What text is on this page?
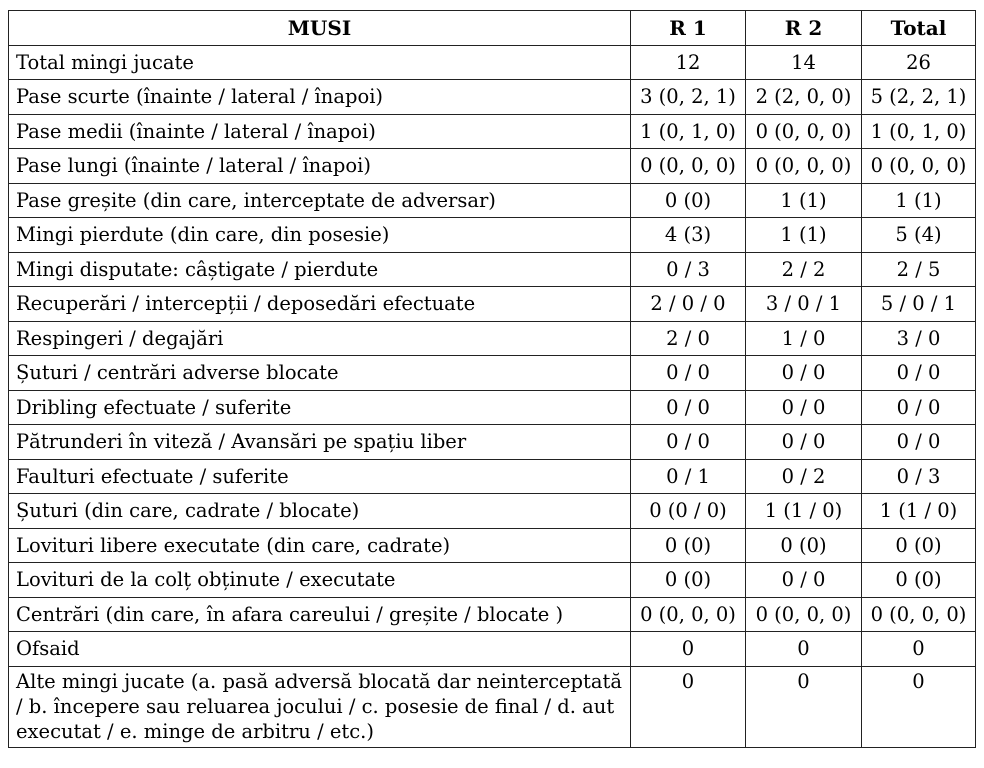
MUSI	R 1	R 2	Total
Total mingi jucate	12	14	26
Pase scurte (înainte / lateral / înapoi)	3 (0, 2, 1)	2 (2, 0, 0)	5 (2, 2, 1)
Pase medii (înainte / lateral / înapoi)	1 (0, 1, 0)	0 (0, 0, 0)	1 (0, 1, 0)
Pase lungi (înainte / lateral / înapoi)	0 (0, 0, 0)	0 (0, 0, 0)	0 (0, 0, 0)
Pase greșite (din care, interceptate de adversar)	0 (0)	1 (1)	1 (1)
Mingi pierdute (din care, din posesie)	4 (3)	1 (1)	5 (4)
Mingi disputate: câștigate / pierdute	0 / 3	2 / 2	2 / 5
Recuperări / intercepții / deposedări efectuate	2 / 0 / 0	3 / 0 / 1	5 / 0 / 1
Respingeri / degajări	2 / 0	1 / 0	3 / 0
Șuturi / centrări adverse blocate	0 / 0	0 / 0	0 / 0
Dribling efectuate / suferite	0 / 0	0 / 0	0 / 0
Pătrunderi în viteză / Avansări pe spațiu liber	0 / 0	0 / 0	0 / 0
Faulturi efectuate / suferite	0 / 1	0 / 2	0 / 3
Șuturi (din care, cadrate / blocate)	0 (0 / 0)	1 (1 / 0)	1 (1 / 0)
Lovituri libere executate (din care, cadrate)	0 (0)	0 (0)	0 (0)
Lovituri de la colț obținute / executate	0 (0)	0 / 0	0 (0)
Centrări (din care, în afara careului / greșite / blocate )	0 (0, 0, 0)	0 (0, 0, 0)	0 (0, 0, 0)
Ofsaid	0	0	0
Alte mingi jucate (a. pasă adversă blocată dar neinterceptată / b. începere sau reluarea jocului / c. posesie de final / d. aut executat / e. minge de arbitru / etc.)	0	0	0
